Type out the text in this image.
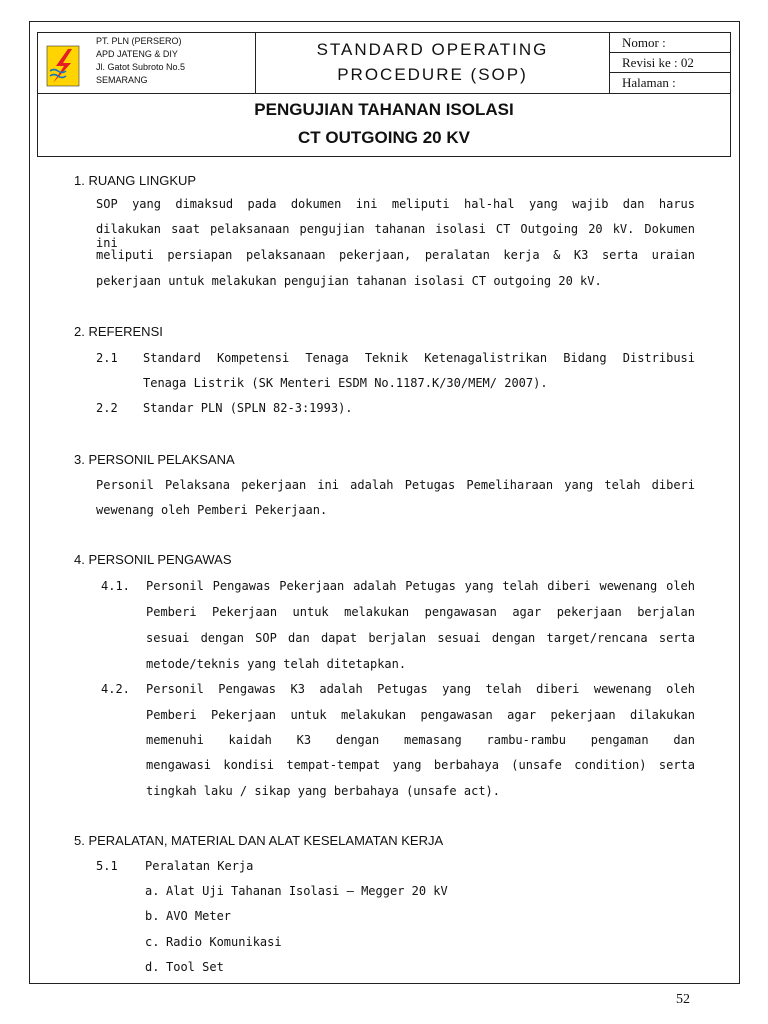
PT. PLN (PERSERO)
APD JATENG & DIY
Jl. Gatot Subroto No.5
SEMARANG
STANDARD OPERATING
PROCEDURE (SOP)
Nomor :
Revisi ke : 02
Halaman :
PENGUJIAN TAHANAN ISOLASI
CT OUTGOING 20 KV
1. RUANG LINGKUP
SOP yang dimaksud pada dokumen ini meliputi hal-hal yang wajib dan harus
dilakukan saat pelaksanaan pengujian tahanan isolasi CT Outgoing 20 kV. Dokumen ini
meliputi persiapan pelaksanaan pekerjaan, peralatan kerja & K3 serta uraian
pekerjaan untuk melakukan pengujian tahanan isolasi CT outgoing 20 kV.
2. REFERENSI
2.1 Standard Kompetensi Tenaga Teknik Ketenagalistrikan Bidang Distribusi
Tenaga Listrik (SK Menteri ESDM No.1187.K/30/MEM/ 2007).
2.2 Standar PLN (SPLN 82-3:1993).
3. PERSONIL PELAKSANA
Personil Pelaksana pekerjaan ini adalah Petugas Pemeliharaan yang telah diberi
wewenang oleh Pemberi Pekerjaan.
4. PERSONIL PENGAWAS
4.1. Personil Pengawas Pekerjaan adalah Petugas yang telah diberi wewenang oleh
Pemberi Pekerjaan untuk melakukan pengawasan agar pekerjaan berjalan
sesuai dengan SOP dan dapat berjalan sesuai dengan target/rencana serta
metode/teknis yang telah ditetapkan.
4.2. Personil Pengawas K3 adalah Petugas yang telah diberi wewenang oleh
Pemberi Pekerjaan untuk melakukan pengawasan agar pekerjaan dilakukan
memenuhi kaidah K3 dengan memasang rambu-rambu pengaman dan
mengawasi kondisi tempat-tempat yang berbahaya (unsafe condition) serta
tingkah laku / sikap yang berbahaya (unsafe act).
5. PERALATAN, MATERIAL DAN ALAT KESELAMATAN KERJA
5.1 Peralatan Kerja
a. Alat Uji Tahanan Isolasi – Megger 20 kV
b. AVO Meter
c. Radio Komunikasi
d. Tool Set
52
